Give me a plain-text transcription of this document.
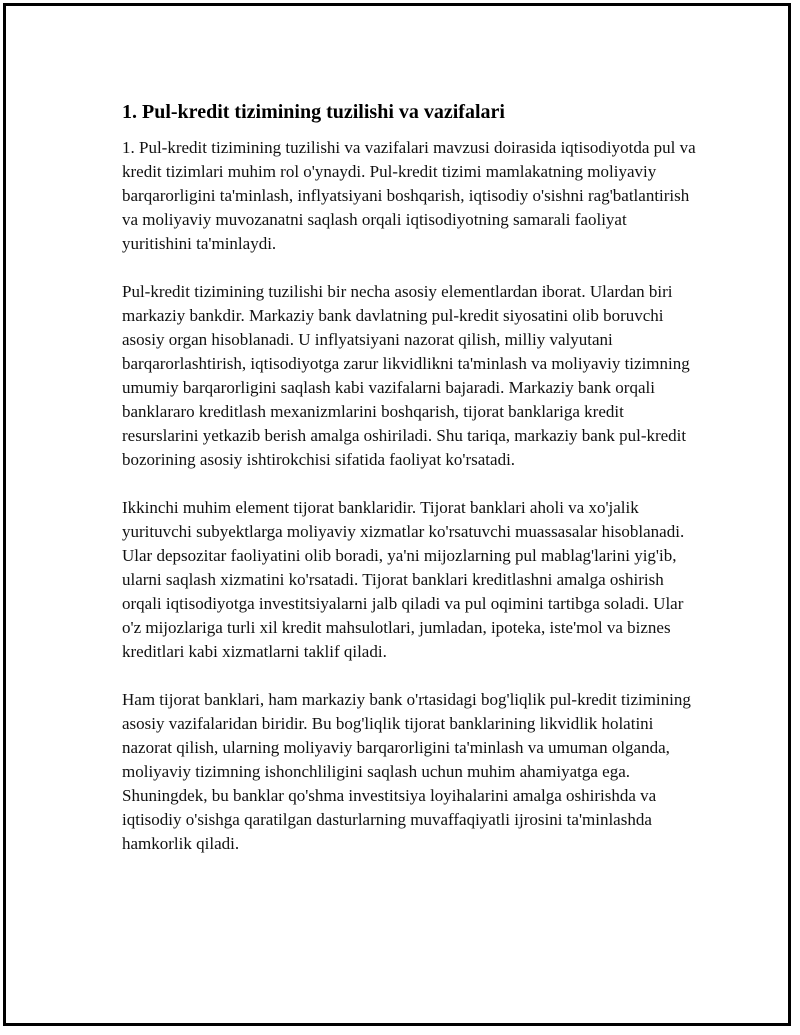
1. Pul-kredit tizimining tuzilishi va vazifalari

1. Pul-kredit tizimining tuzilishi va vazifalari mavzusi doirasida iqtisodiyotda pul va kredit tizimlari muhim rol o'ynaydi. Pul-kredit tizimi mamlakatning moliyaviy barqarorligini ta'minlash, inflyatsiyani boshqarish, iqtisodiy o'sishni rag'batlantirish va moliyaviy muvozanatni saqlash orqali iqtisodiyotning samarali faoliyat yuritishini ta'minlaydi.

Pul-kredit tizimining tuzilishi bir necha asosiy elementlardan iborat. Ulardan biri markaziy bankdir. Markaziy bank davlatning pul-kredit siyosatini olib boruvchi asosiy organ hisoblanadi. U inflyatsiyani nazorat qilish, milliy valyutani barqarorlashtirish, iqtisodiyotga zarur likvidlikni ta'minlash va moliyaviy tizimning umumiy barqarorligini saqlash kabi vazifalarni bajaradi. Markaziy bank orqali banklararo kreditlash mexanizmlarini boshqarish, tijorat banklariga kredit resurslarini yetkazib berish amalga oshiriladi. Shu tariqa, markaziy bank pul-kredit bozorining asosiy ishtirokchisi sifatida faoliyat ko'rsatadi.

Ikkinchi muhim element tijorat banklaridir. Tijorat banklari aholi va xo'jalik yurituvchi subyektlarga moliyaviy xizmatlar ko'rsatuvchi muassasalar hisoblanadi. Ular depsozitar faoliyatini olib boradi, ya'ni mijozlarning pul mablag'larini yig'ib, ularni saqlash xizmatini ko'rsatadi. Tijorat banklari kreditlashni amalga oshirish orqali iqtisodiyotga investitsiyalarni jalb qiladi va pul oqimini tartibga soladi. Ular o'z mijozlariga turli xil kredit mahsulotlari, jumladan, ipoteka, iste'mol va biznes kreditlari kabi xizmatlarni taklif qiladi.

Ham tijorat banklari, ham markaziy bank o'rtasidagi bog'liqlik pul-kredit tizimining asosiy vazifalaridan biridir. Bu bog'liqlik tijorat banklarining likvidlik holatini nazorat qilish, ularning moliyaviy barqarorligini ta'minlash va umuman olganda, moliyaviy tizimning ishonchliligini saqlash uchun muhim ahamiyatga ega. Shuningdek, bu banklar qo'shma investitsiya loyihalarini amalga oshirishda va iqtisodiy o'sishga qaratilgan dasturlarning muvaffaqiyatli ijrosini ta'minlashda hamkorlik qiladi.
